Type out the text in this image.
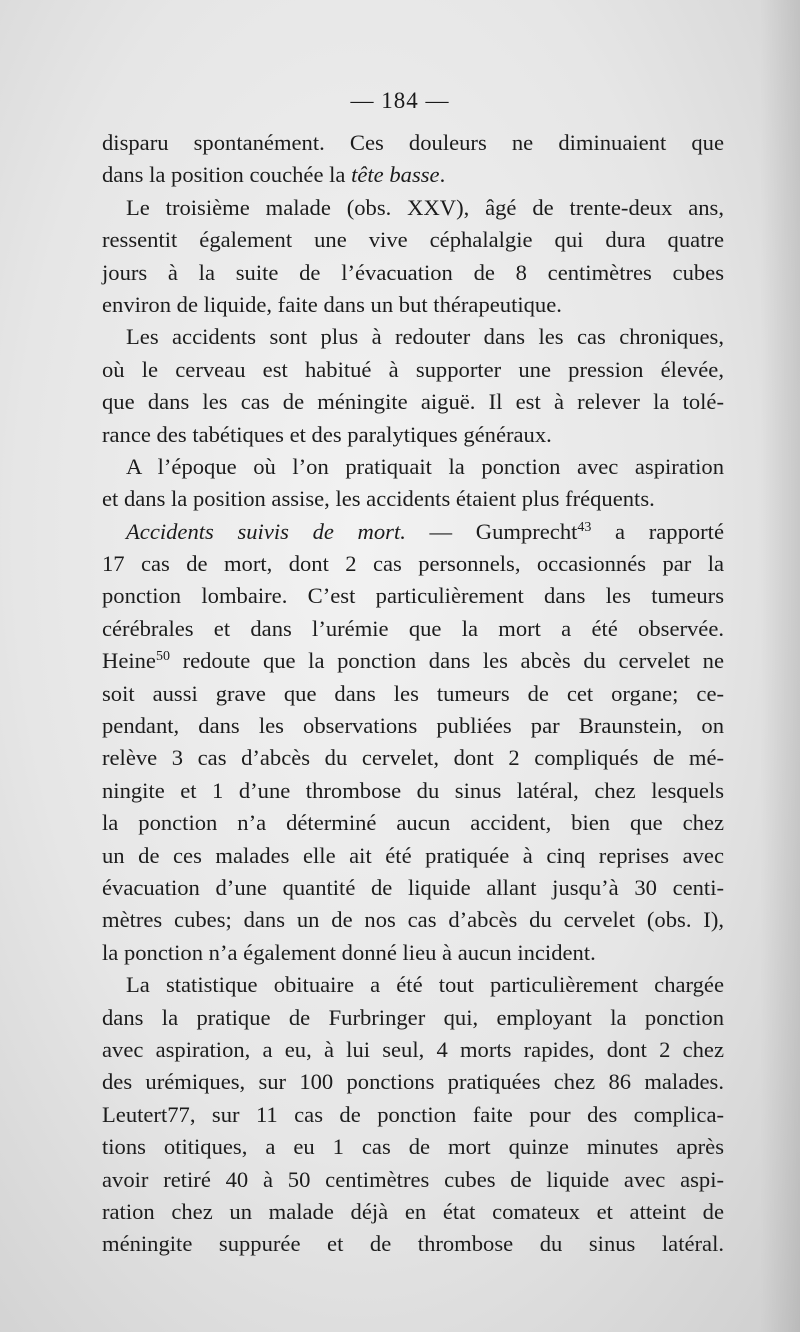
— 184 —
disparu spontanément. Ces douleurs ne diminuaient que
dans la position couchée la tête basse.
Le troisième malade (obs. XXV), âgé de trente-deux ans,
ressentit également une vive céphalalgie qui dura quatre
jours à la suite de l’évacuation de 8 centimètres cubes
environ de liquide, faite dans un but thérapeutique.
Les accidents sont plus à redouter dans les cas chroniques,
où le cerveau est habitué à supporter une pression élevée,
que dans les cas de méningite aiguë. Il est à relever la tolé-
rance des tabétiques et des paralytiques généraux.
A l’époque où l’on pratiquait la ponction avec aspiration
et dans la position assise, les accidents étaient plus fréquents.
Accidents suivis de mort. — Gumprecht$^{43}$ a rapporté
17 cas de mort, dont 2 cas personnels, occasionnés par la
ponction lombaire. C’est particulièrement dans les tumeurs
cérébrales et dans l’urémie que la mort a été observée.
Heine$^{50}$ redoute que la ponction dans les abcès du cervelet ne
soit aussi grave que dans les tumeurs de cet organe; ce-
pendant, dans les observations publiées par Braunstein, on
relève 3 cas d’abcès du cervelet, dont 2 compliqués de mé-
ningite et 1 d’une thrombose du sinus latéral, chez lesquels
la ponction n’a déterminé aucun accident, bien que chez
un de ces malades elle ait été pratiquée à cinq reprises avec
évacuation d’une quantité de liquide allant jusqu’à 30 centi-
mètres cubes; dans un de nos cas d’abcès du cervelet (obs. I),
la ponction n’a également donné lieu à aucun incident.
La statistique obituaire a été tout particulièrement chargée
dans la pratique de Furbringer qui, employant la ponction
avec aspiration, a eu, à lui seul, 4 morts rapides, dont 2 chez
des urémiques, sur 100 ponctions pratiquées chez 86 malades.
Leutert77, sur 11 cas de ponction faite pour des complica-
tions otitiques, a eu 1 cas de mort quinze minutes après
avoir retiré 40 à 50 centimètres cubes de liquide avec aspi-
ration chez un malade déjà en état comateux et atteint de
méningite suppurée et de thrombose du sinus latéral.
